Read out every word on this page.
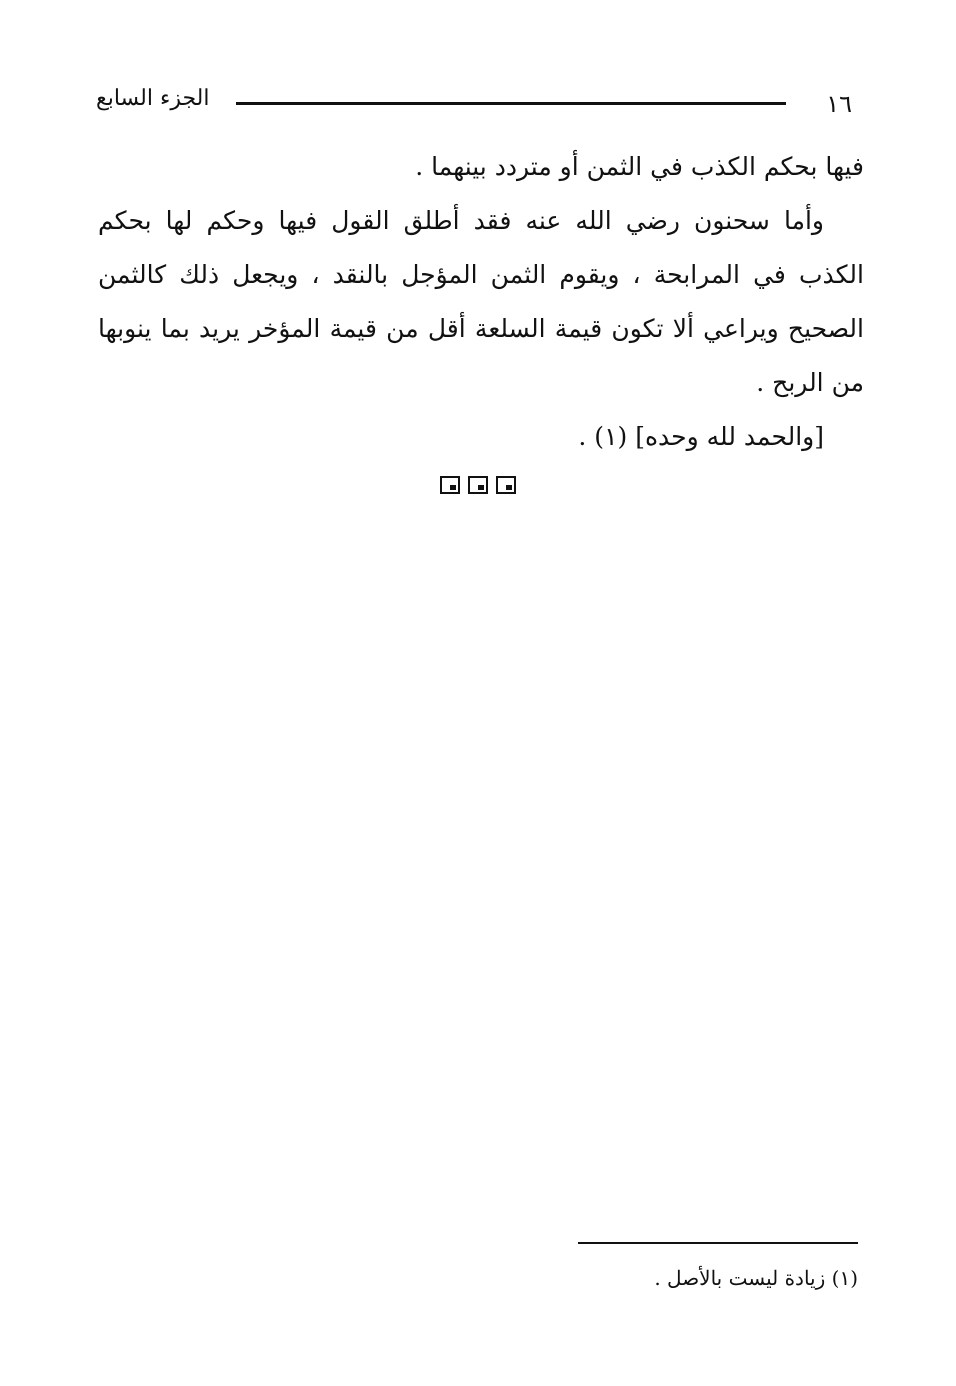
الجزء السابع	١٦

فيها بحكم الكذب في الثمن أو متردد بينهما .

وأما سحنون رضي الله عنه فقد أطلق القول فيها وحكم لها بحكم الكذب في المرابحة ، ويقوم الثمن المؤجل بالنقد ، ويجعل ذلك كالثمن الصحيح ويراعي ألا تكون قيمة السلعة أقل من قيمة المؤخر يريد بما ينوبها من الربح .

[والحمد لله وحده] (١) .

(١) زيادة ليست بالأصل .
